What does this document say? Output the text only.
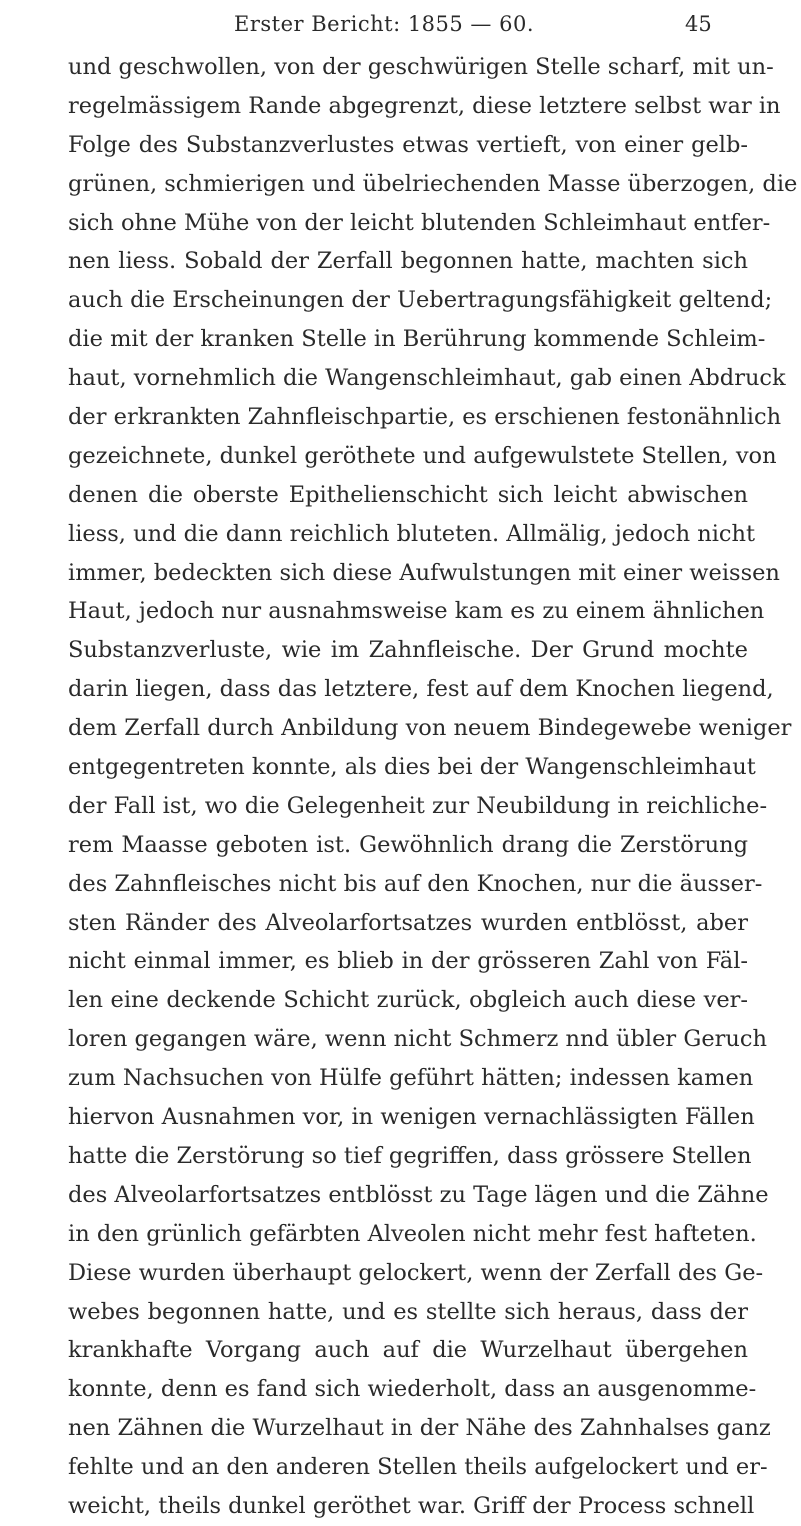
Erster Bericht: 1855 — 60.	45
und geschwollen, von der geschwürigen Stelle scharf, mit un-
regelmässigem Rande abgegrenzt, diese letztere selbst war in
Folge des Substanzverlustes etwas vertieft, von einer gelb-
grünen, schmierigen und übelriechenden Masse überzogen, die
sich ohne Mühe von der leicht blutenden Schleimhaut entfer-
nen liess. Sobald der Zerfall begonnen hatte, machten sich
auch die Erscheinungen der Uebertragungsfähigkeit geltend;
die mit der kranken Stelle in Berührung kommende Schleim-
haut, vornehmlich die Wangenschleimhaut, gab einen Abdruck
der erkrankten Zahnfleischpartie, es erschienen festonähnlich
gezeichnete, dunkel geröthete und aufgewulstete Stellen, von
denen die oberste Epithelienschicht sich leicht abwischen
liess, und die dann reichlich bluteten. Allmälig, jedoch nicht
immer, bedeckten sich diese Aufwulstungen mit einer weissen
Haut, jedoch nur ausnahmsweise kam es zu einem ähnlichen
Substanzverluste, wie im Zahnfleische. Der Grund mochte
darin liegen, dass das letztere, fest auf dem Knochen liegend,
dem Zerfall durch Anbildung von neuem Bindegewebe weniger
entgegentreten konnte, als dies bei der Wangenschleimhaut
der Fall ist, wo die Gelegenheit zur Neubildung in reichliche-
rem Maasse geboten ist. Gewöhnlich drang die Zerstörung
des Zahnfleisches nicht bis auf den Knochen, nur die äusser-
sten Ränder des Alveolarfortsatzes wurden entblösst, aber
nicht einmal immer, es blieb in der grösseren Zahl von Fäl-
len eine deckende Schicht zurück, obgleich auch diese ver-
loren gegangen wäre, wenn nicht Schmerz nnd übler Geruch
zum Nachsuchen von Hülfe geführt hätten; indessen kamen
hiervon Ausnahmen vor, in wenigen vernachlässigten Fällen
hatte die Zerstörung so tief gegriffen, dass grössere Stellen
des Alveolarfortsatzes entblösst zu Tage lägen und die Zähne
in den grünlich gefärbten Alveolen nicht mehr fest hafteten.
Diese wurden überhaupt gelockert, wenn der Zerfall des Ge-
webes begonnen hatte, und es stellte sich heraus, dass der
krankhafte Vorgang auch auf die Wurzelhaut übergehen
konnte, denn es fand sich wiederholt, dass an ausgenomme-
nen Zähnen die Wurzelhaut in der Nähe des Zahnhalses ganz
fehlte und an den anderen Stellen theils aufgelockert und er-
weicht, theils dunkel geröthet war. Griff der Process schnell
